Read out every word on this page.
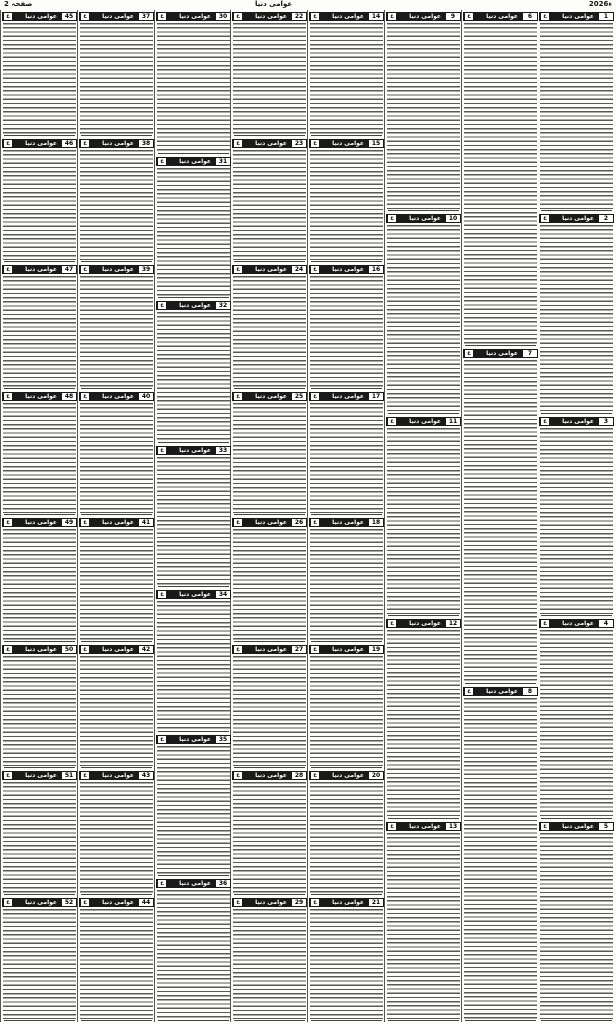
صفحہ 2	عوامی دنیا	2026ء
1
عوامی دنیا
ع
2
عوامی دنیا
ع
3
عوامی دنیا
ع
4
عوامی دنیا
ع
5
عوامی دنیا
ع
6
عوامی دنیا
ع
7
عوامی دنیا
ع
8
عوامی دنیا
ع
9
عوامی دنیا
ع
10
عوامی دنیا
ع
11
عوامی دنیا
ع
12
عوامی دنیا
ع
13
عوامی دنیا
ع
14
عوامی دنیا
ع
15
عوامی دنیا
ع
16
عوامی دنیا
ع
17
عوامی دنیا
ع
18
عوامی دنیا
ع
19
عوامی دنیا
ع
20
عوامی دنیا
ع
21
عوامی دنیا
ع
22
عوامی دنیا
ع
23
عوامی دنیا
ع
24
عوامی دنیا
ع
25
عوامی دنیا
ع
26
عوامی دنیا
ع
27
عوامی دنیا
ع
28
عوامی دنیا
ع
29
عوامی دنیا
ع
30
عوامی دنیا
ع
31
عوامی دنیا
ع
32
عوامی دنیا
ع
33
عوامی دنیا
ع
34
عوامی دنیا
ع
35
عوامی دنیا
ع
36
عوامی دنیا
ع
37
عوامی دنیا
ع
38
عوامی دنیا
ع
39
عوامی دنیا
ع
40
عوامی دنیا
ع
41
عوامی دنیا
ع
42
عوامی دنیا
ع
43
عوامی دنیا
ع
44
عوامی دنیا
ع
45
عوامی دنیا
ع
46
عوامی دنیا
ع
47
عوامی دنیا
ع
48
عوامی دنیا
ع
49
عوامی دنیا
ع
50
عوامی دنیا
ع
51
عوامی دنیا
ع
52
عوامی دنیا
ع
